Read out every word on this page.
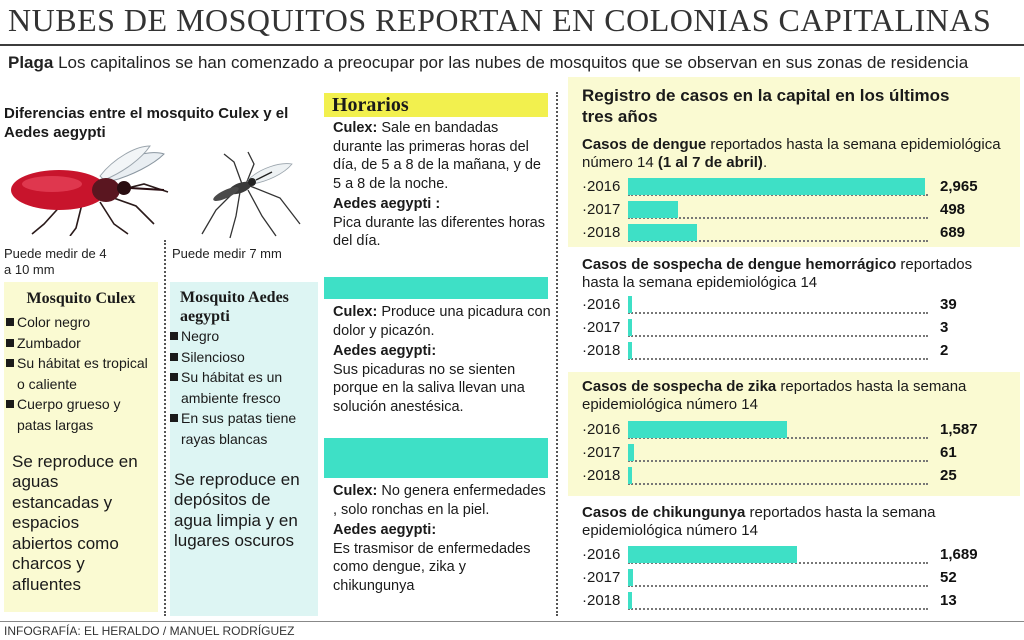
NUBES DE MOSQUITOS REPORTAN EN COLONIAS CAPITALINAS
Plaga Los capitalinos se han comenzado a preocupar por las nubes de mosquitos que se observan en sus zonas de residencia
Diferencias entre el mosquito Culex y el Aedes aegypti
Puede medir de 4 a 10 mm
Puede medir 7 mm
Mosquito Culex
Color negro
Zumbador
Su hábitat es tropical o caliente
Cuerpo grueso y patas largas
Se reproduce en aguas estancadas y espacios abiertos como charcos y afluentes
Mosquito Aedes aegypti
Negro
Silencioso
Su hábitat es un ambiente fresco
En sus patas tiene rayas blancas
Se reproduce en depósitos de agua limpia y en lugares oscuros
Horarios
Culex: Sale en bandadas durante las primeras horas del día, de 5 a 8 de la mañana, y de 5 a 8 de la noche.
Aedes aegypti :
Pica durante las diferentes horas del día.
Culex: Produce una picadura con dolor y picazón.
Aedes aegypti:
Sus picaduras no se sienten porque en la saliva llevan una solución anestésica.
Culex: No genera enfermedades , solo ronchas en la piel.
Aedes aegypti:
Es trasmisor de enfermedades como dengue, zika y chikungunya
Registro de casos en la capital en los últimos tres años
Casos de dengue reportados hasta la semana epidemiológica número 14 (1 al 7 de abril).
·2016	2,965
·2017	498
·2018	689
Casos de sospecha de dengue hemorrágico reportados hasta la semana epidemiológica 14
·2016	39
·2017	3
·2018	2
Casos de sospecha de zika reportados hasta la semana epidemiológica número 14
·2016	1,587
·2017	61
·2018	25
Casos de chikungunya reportados hasta la semana epidemiológica número 14
·2016	1,689
·2017	52
·2018	13
INFOGRAFÍA: EL HERALDO / MANUEL RODRÍGUEZ
